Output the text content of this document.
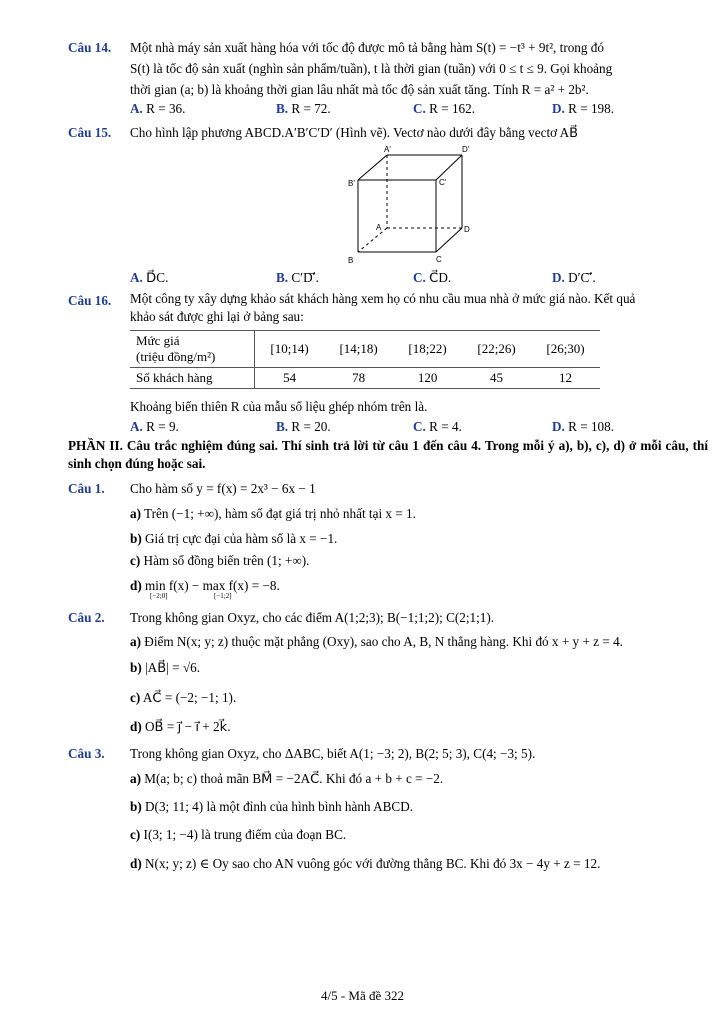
Câu 14. Một nhà máy sản xuất hàng hóa với tốc độ được mô tả bằng hàm S(t) = −t³ + 9t², trong đó
S(t) là tốc độ sản xuất (nghìn sản phẩm/tuần), t là thời gian (tuần) với 0 ≤ t ≤ 9. Gọi khoảng
thời gian (a; b) là khoảng thời gian lâu nhất mà tốc độ sản xuất tăng. Tính R = a² + 2b².
A. R = 36.	B. R = 72.	C. R = 162.	D. R = 198.
Câu 15. Cho hình lập phương ABCD.A′B′C′D′ (Hình vẽ). Vectơ nào dưới đây bằng vectơ AB⃗
A'	D'
B'	C'
A	D
B	C
A. D⃗C.	B. C′D′⃗.	C. C⃗D.	D. D′C′⃗.
Câu 16. Một công ty xây dựng khảo sát khách hàng xem họ có nhu cầu mua nhà ở mức giá nào. Kết quả
khảo sát được ghi lại ở bảng sau:
Mức giá
(triệu đồng/m²)	[10;14)	[14;18)	[18;22)	[22;26)	[26;30)
Số khách hàng	54	78	120	45	12
Khoảng biến thiên R của mẫu số liệu ghép nhóm trên là.
A. R = 9.	B. R = 20.	C. R = 4.	D. R = 108.
PHẦN II. Câu trắc nghiệm đúng sai. Thí sinh trả lời từ câu 1 đến câu 4. Trong mỗi ý a), b), c), d) ở mỗi câu, thí sinh chọn đúng hoặc sai.
Câu 1. Cho hàm số y = f(x) = 2x³ − 6x − 1
a) Trên (−1; +∞), hàm số đạt giá trị nhỏ nhất tại x = 1.
b) Giá trị cực đại của hàm số là x = −1.
c) Hàm số đồng biến trên (1; +∞).
d) min f(x) − max f(x) = −8.
[−2;0]	[−1;2]
Câu 2. Trong không gian Oxyz, cho các điểm A(1;2;3); B(−1;1;2); C(2;1;1).
a) Điểm N(x; y; z) thuộc mặt phẳng (Oxy), sao cho A, B, N thẳng hàng. Khi đó x + y + z = 4.
b) |AB⃗| = √6.
c) AC⃗ = (−2; −1; 1).
d) OB⃗ = j⃗ − i⃗ + 2k⃗.
Câu 3. Trong không gian Oxyz, cho ΔABC, biết A(1; −3; 2), B(2; 5; 3), C(4; −3; 5).
a) M(a; b; c) thoả mãn BM⃗ = −2AC⃗. Khi đó a + b + c = −2.
b) D(3; 11; 4) là một đỉnh của hình bình hành ABCD.
c) I(3; 1; −4) là trung điểm của đoạn BC.
d) N(x; y; z) ∈ Oy sao cho AN vuông góc với đường thẳng BC. Khi đó 3x − 4y + z = 12.
4/5 - Mã đề 322
